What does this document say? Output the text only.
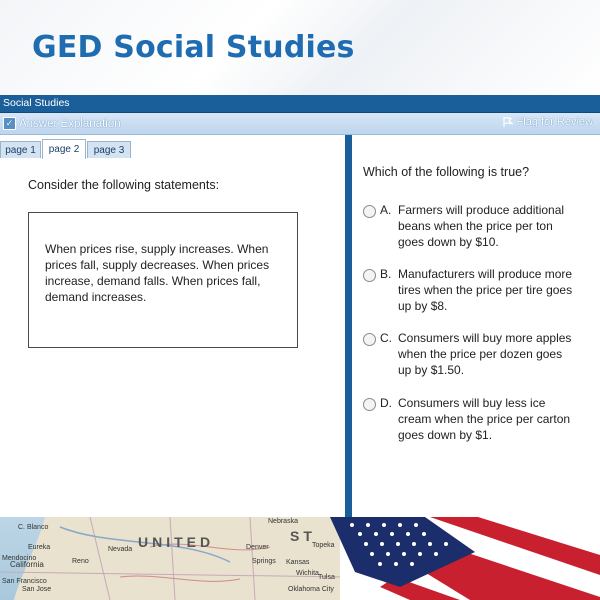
GED Social Studies
Social Studies
✓ Answer Explanation	Flag for Review
page 1 page 2 page 3
Consider the following statements:

When prices rise, supply increases. When prices fall, supply decreases. When prices increase, demand falls. When prices fall, demand increases.

Which of the following is true?
A. Farmers will produce additional beans when the price per ton goes down by $10.
B. Manufacturers will produce more tires when the price per tire goes up by $8.
C. Consumers will buy more apples when the price per dozen goes up by $1.50.
D. Consumers will buy less ice cream when the price per carton goes down by $1.
C. Blanco
Mendocino
California
San Francisco
San Jose
Eureka
Reno
Nevada UNITED	ST
Nebraska
Denver
Kansas
Wichita
Tulsa
Springs
Oklahoma City
Topeka
